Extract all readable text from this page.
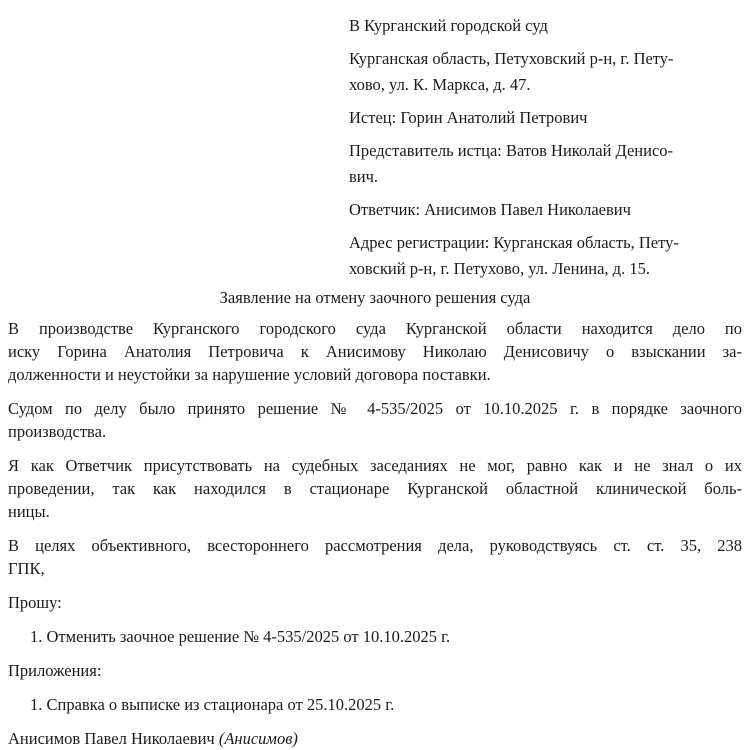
В Курганский городской суд
Курганская область, Петуховский р-н, г. Пету-
хово, ул. К. Маркса, д. 47.
Истец: Горин Анатолий Петрович
Представитель истца: Ватов Николай Денисо-
вич.
Ответчик: Анисимов Павел Николаевич
Адрес регистрации: Курганская область, Пету-
ховский р-н, г. Петухово, ул. Ленина, д. 15.
Заявление на отмену заочного решения суда
В производстве Курганского городского суда Курганской области находится дело по
иску Горина Анатолия Петровича к Анисимову Николаю Денисовичу о взыскании за-
долженности и неустойки за нарушение условий договора поставки.
Судом по делу было принято решение № 4-535/2025 от 10.10.2025 г. в порядке заочного
производства.
Я как Ответчик присутствовать на судебных заседаниях не мог, равно как и не знал о их
проведении, так как находился в стационаре Курганской областной клинической боль-
ницы.
В целях объективного, всестороннего рассмотрения дела, руководствуясь ст. ст. 35, 238
ГПК,
Прошу:
1. Отменить заочное решение № 4-535/2025 от 10.10.2025 г.
Приложения:
1. Справка о выписке из стационара от 25.10.2025 г.
Анисимов Павел Николаевич (Анисимов)
